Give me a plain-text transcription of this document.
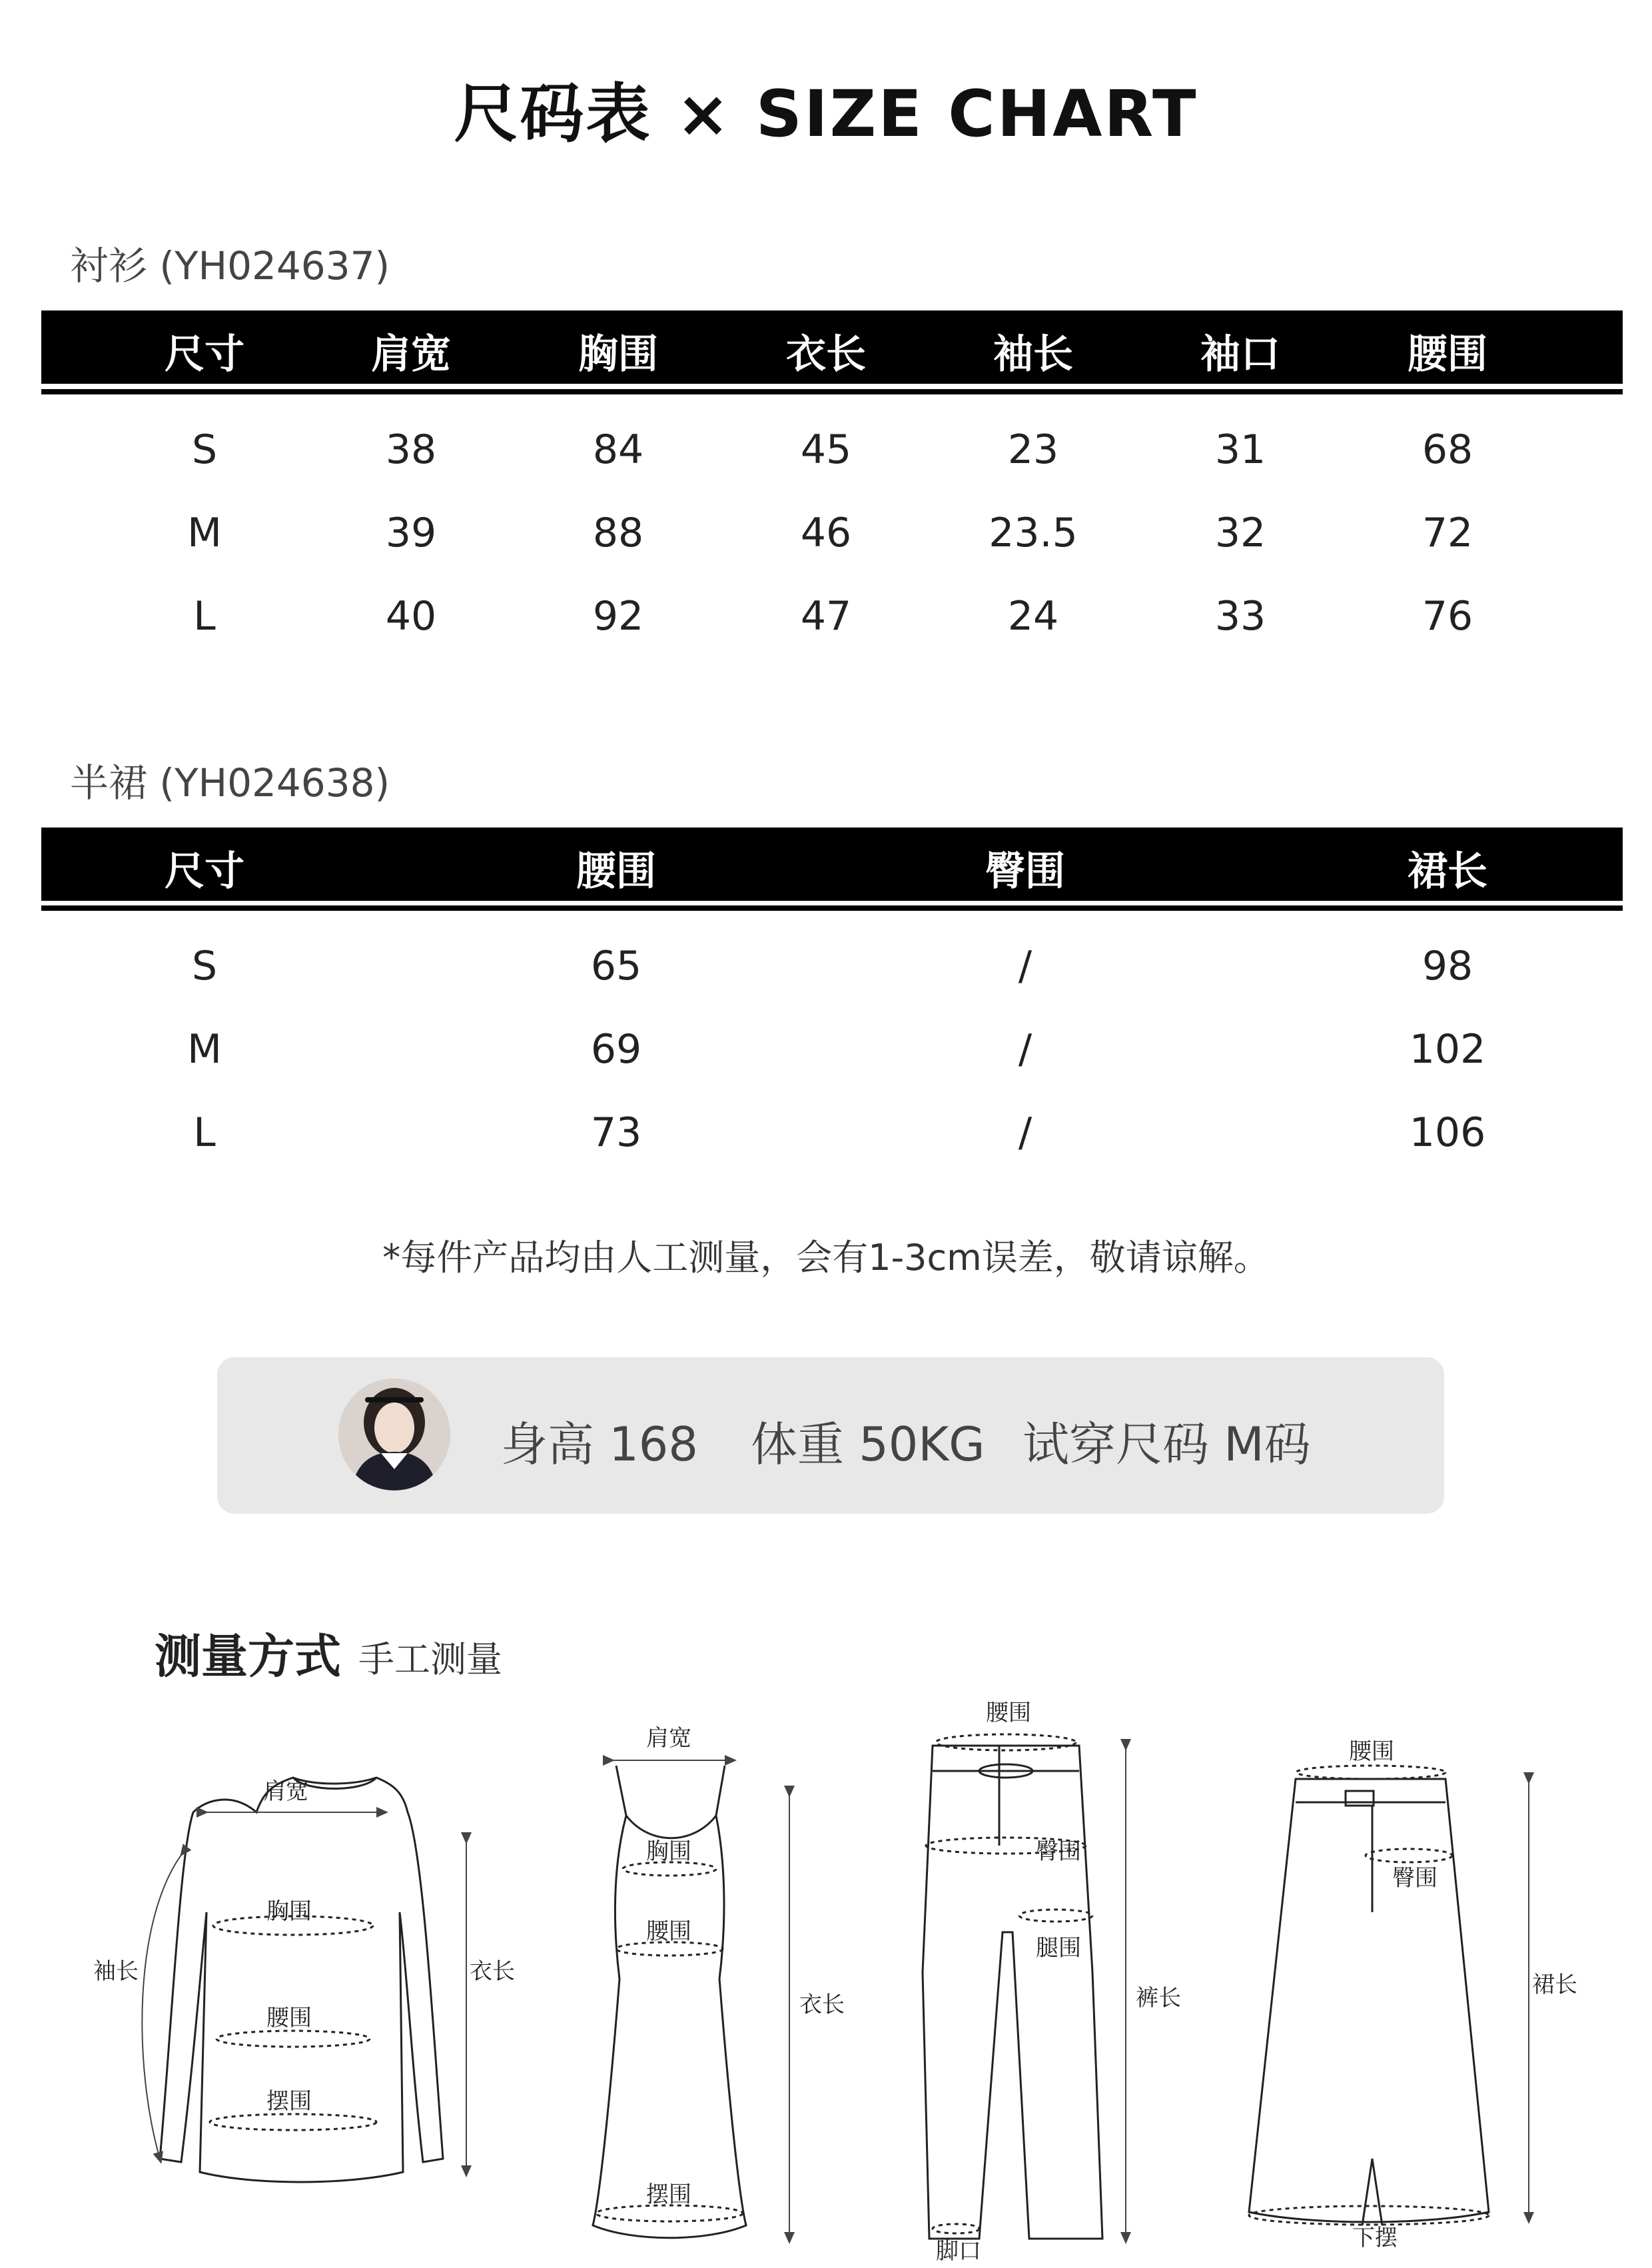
尺码表 × SIZE CHART
衬衫 (YH024637)
尺寸	肩宽	胸围	衣长	袖长	袖口	腰围
S	38	84	45	23	31	68
M	39	88	46	23.5	32	72
L	40	92	47	24	33	76
半裙 (YH024638)
尺寸	腰围	臀围	裙长
S	65	/	98
M	69	/	102
L	73	/	106
*每件产品均由人工测量，会有1-3cm误差，敬请谅解。
身高 168 体重 50KG 试穿尺码 M码
测量方式 手工测量
肩宽
胸围
腰围
摆围
袖长	衣长
肩宽
胸围
腰围
摆围
衣长
腰围
臀围
腿围
裤长
脚口
腰围
臀围
裙长
下摆
